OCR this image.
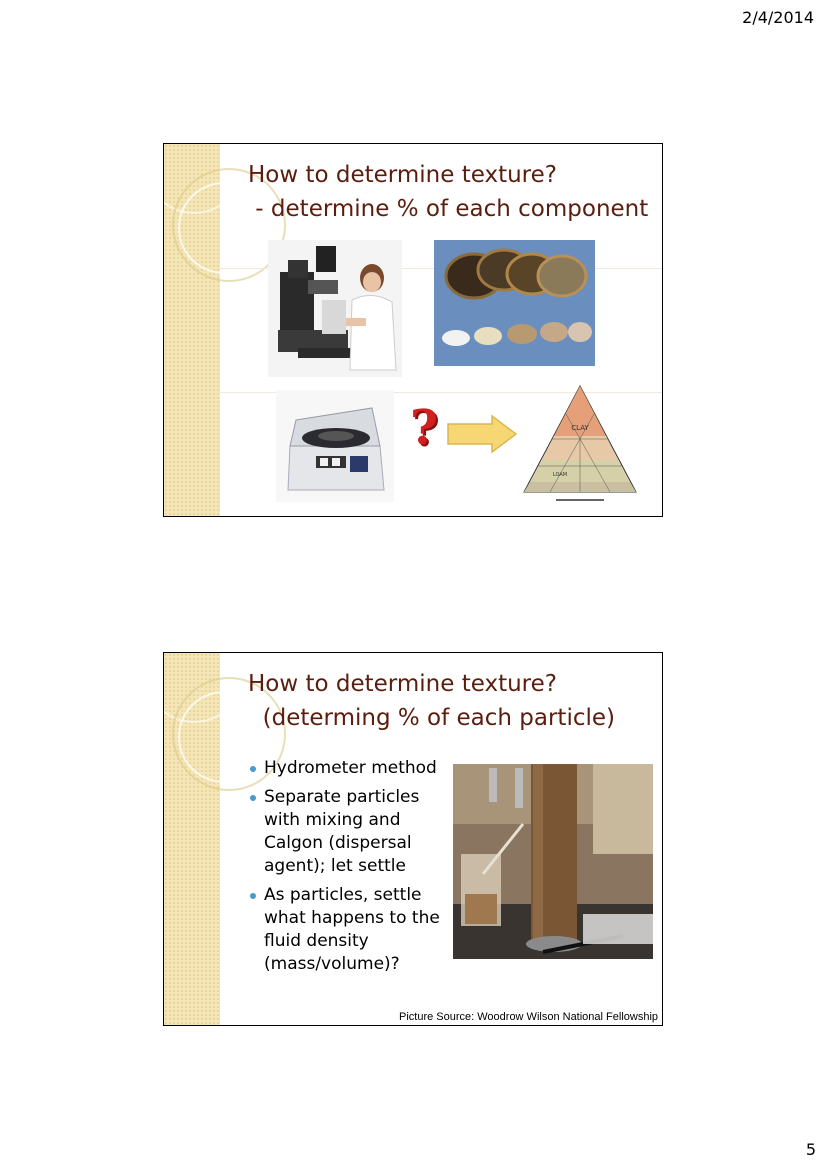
2/4/2014
How to determine texture?
- determine % of each component
?	CLAY
LOAM
How to determine texture?
(determing % of each particle)
Hydrometer method
Separate particles with mixing and Calgon (dispersal agent); let settle
As particles, settle what happens to the fluid density (mass/volume)?
Picture Source: Woodrow Wilson National Fellowship
5
